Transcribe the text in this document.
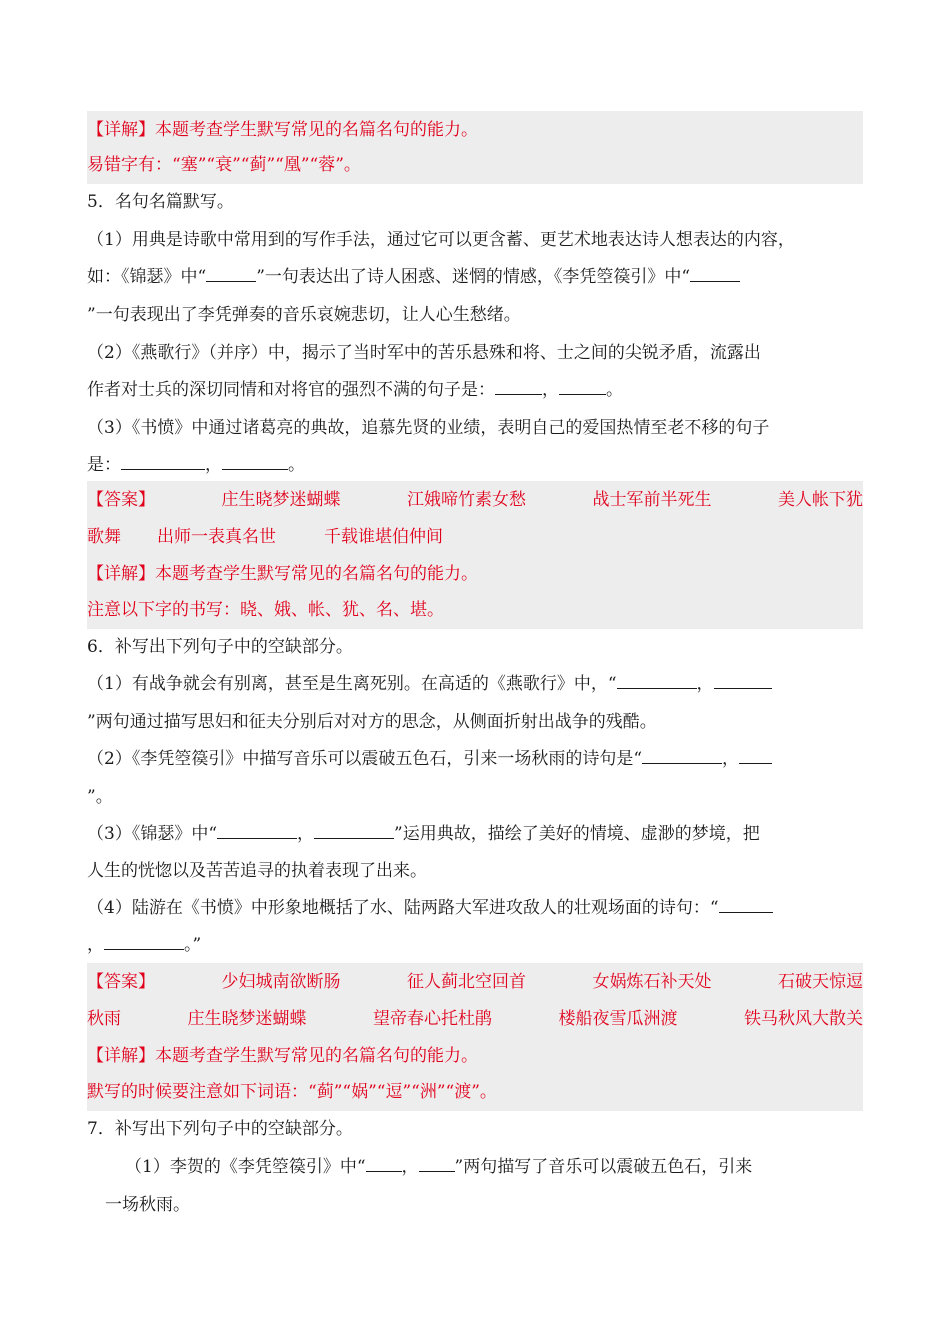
【详解】本题考查学生默写常见的名篇名句的能力。
易错字有：“塞”“衰”“蓟”“凰”“蓉”。
5．名句名篇默写。
（1）用典是诗歌中常用到的写作手法，通过它可以更含蓄、更艺术地表达诗人想表达的内容，
如：《锦瑟》中“	”一句表达出了诗人困惑、迷惘的情感，《李凭箜篌引》中“
”一句表现出了李凭弹奏的音乐哀婉悲切，让人心生愁绪。
（2）《燕歌行》（并序）中，揭示了当时军中的苦乐悬殊和将、士之间的尖锐矛盾，流露出
作者对士兵的深切同情和对将官的强烈不满的句子是：	，	。
（3）《书愤》中通过诸葛亮的典故，追慕先贤的业绩，表明自己的爱国热情至老不移的句子
是：	，	。
【答案】	庄生晓梦迷蝴蝶	江娥啼竹素女愁	战士军前半死生	美人帐下犹
歌舞 出师一表真名世	千载谁堪伯仲间
【详解】本题考查学生默写常见的名篇名句的能力。
注意以下字的书写：晓、娥、帐、犹、名、堪。
6．补写出下列句子中的空缺部分。
（1）有战争就会有别离，甚至是生离死别。在高适的《燕歌行》中，“	，
”两句通过描写思妇和征夫分别后对对方的思念，从侧面折射出战争的残酷。
（2）《李凭箜篌引》中描写音乐可以震破五色石，引来一场秋雨的诗句是“	，
”。
（3）《锦瑟》中“	，	”运用典故，描绘了美好的情境、虚渺的梦境，把
人生的恍惚以及苦苦追寻的执着表现了出来。
（4）陆游在《书愤》中形象地概括了水、陆两路大军进攻敌人的壮观场面的诗句：“
，	。”
【答案】	少妇城南欲断肠	征人蓟北空回首	女娲炼石补天处	石破天惊逗
秋雨	庄生晓梦迷蝴蝶	望帝春心托杜鹃	楼船夜雪瓜洲渡	铁马秋风大散关
【详解】本题考查学生默写常见的名篇名句的能力。
默写的时候要注意如下词语：“蓟”“娲”“逗”“洲”“渡”。
7．补写出下列句子中的空缺部分。
（1）李贺的《李凭箜篌引》中“ ， ”两句描写了音乐可以震破五色石，引来
一场秋雨。
